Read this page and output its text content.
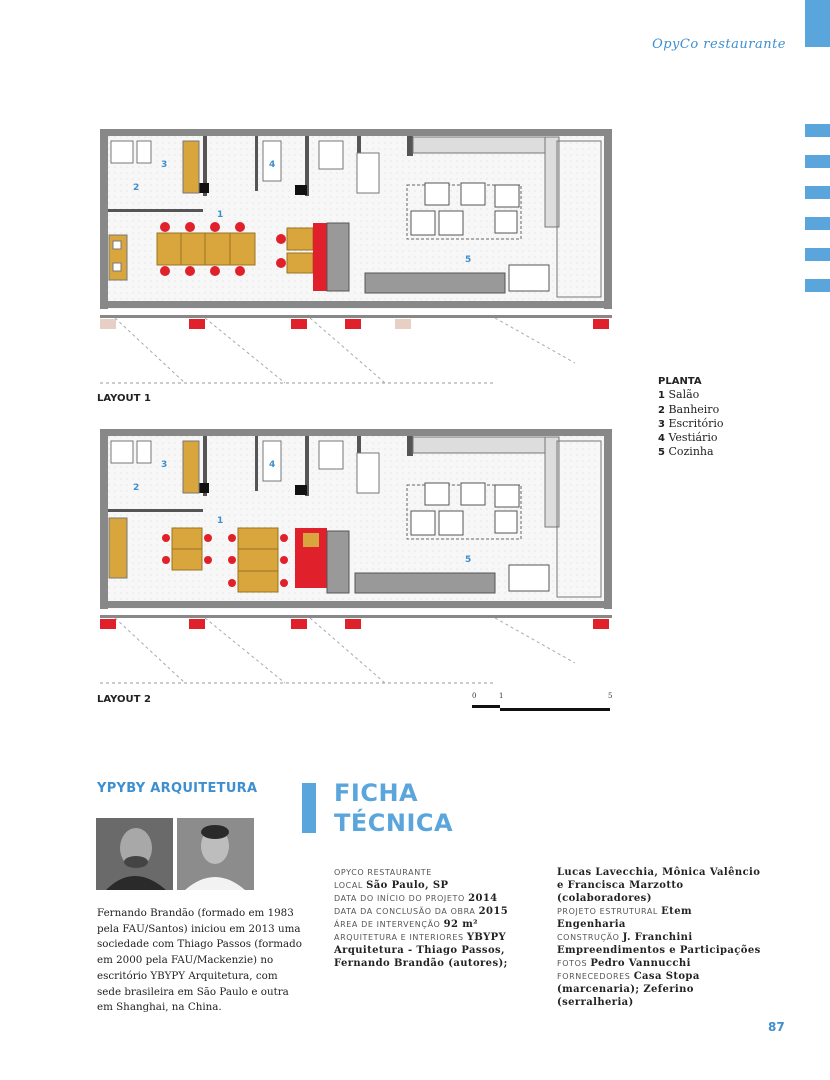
OpyCo restaurante
3
2
4
1
5
LAYOUT 1
3
2
4
1
5
LAYOUT 2	0	1	5
PLANTA
1 Salão
2 Banheiro
3 Escritório
4 Vestiário
5 Cozinha
YPYBY ARQUITETURA
Fernando Brandão (formado em 1983 pela FAU/Santos) iniciou em 2013 uma sociedade com Thiago Passos (formado em 2000 pela FAU/Mackenzie) no escritório YBYPY Arquitetura, com sede brasileira em São Paulo e outra em Shanghai, na China.
FICHA
TÉCNICA
OPYCO RESTAURANTE
LOCAL São Paulo, SP
DATA DO INÍCIO DO PROJETO 2014
DATA DA CONCLUSÃO DA OBRA 2015
ÁREA DE INTERVENÇÃO 92 m²
ARQUITETURA E INTERIORES YBYPY Arquitetura - Thiago Passos, Fernando Brandão (autores);
Lucas Lavecchia, Mônica Valêncio e Francisca Marzotto (colaboradores)
PROJETO ESTRUTURAL Etem Engenharia
CONSTRUÇÃO J. Franchini Empreendimentos e Participações
FOTOS Pedro Vannucchi
FORNECEDORES Casa Stopa (marcenaria); Zeferino (serralheria)
87
